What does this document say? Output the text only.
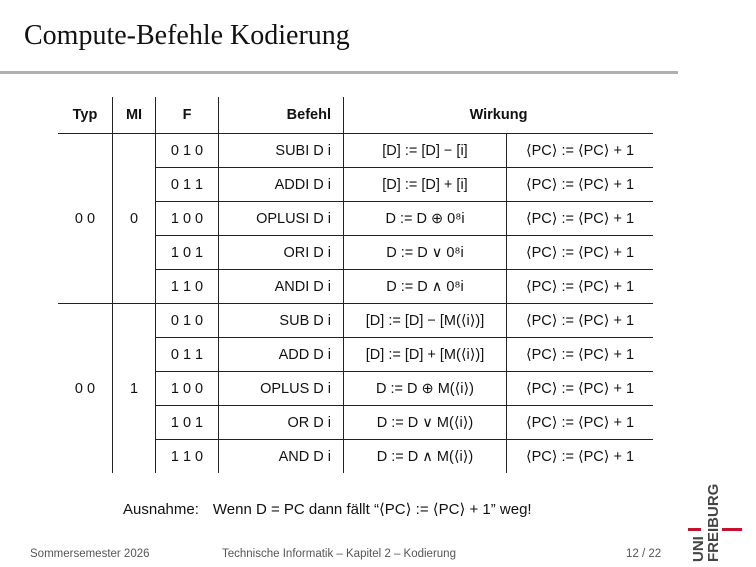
Compute-Befehle Kodierung
Typ	MI	F	Befehl	Wirkung	
0 0	0	0 1 0	SUBI D i	[D] := [D] − [i]	⟨PC⟩ := ⟨PC⟩ + 1
		0 1 1	ADDI D i	[D] := [D] + [i]	⟨PC⟩ := ⟨PC⟩ + 1
		1 0 0	OPLUSI D i	D := D ⊕ 0⁸i	⟨PC⟩ := ⟨PC⟩ + 1
		1 0 1	ORI D i	D := D ∨ 0⁸i	⟨PC⟩ := ⟨PC⟩ + 1
		1 1 0	ANDI D i	D := D ∧ 0⁸i	⟨PC⟩ := ⟨PC⟩ + 1
0 0	1	0 1 0	SUB D i	[D] := [D] − [M(⟨i⟩)]	⟨PC⟩ := ⟨PC⟩ + 1
		0 1 1	ADD D i	[D] := [D] + [M(⟨i⟩)]	⟨PC⟩ := ⟨PC⟩ + 1
		1 0 0	OPLUS D i	D := D ⊕ M(⟨i⟩)	⟨PC⟩ := ⟨PC⟩ + 1
		1 0 1	OR D i	D := D ∨ M(⟨i⟩)	⟨PC⟩ := ⟨PC⟩ + 1
		1 1 0	AND D i	D := D ∧ M(⟨i⟩)	⟨PC⟩ := ⟨PC⟩ + 1
Ausnahme: Wenn D = PC dann fällt “⟨PC⟩ := ⟨PC⟩ + 1” weg!
Sommersemester 2026	Technische Informatik – Kapitel 2 – Kodierung	12 / 22 UNI
FREIBURG
